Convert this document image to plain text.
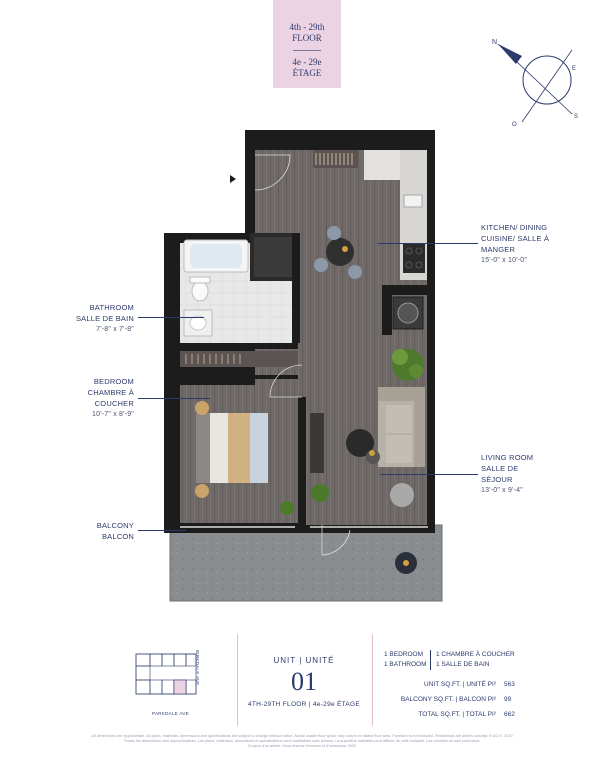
4th - 29th
FLOOR
4e - 29e
ÉTAGE
N
E
S
O
KITCHEN/ DINING
CUISINE/ SALLE À
MANGER
15'-0" x 10'-0"
BATHROOM
SALLE DE BAIN
7'-8" x 7'-8"
BEDROOM
CHAMBRE À
COUCHER
10'-7" x 8'-9"
LIVING ROOM
SALLE DE
SÉJOUR
13'-0" x 9'-4"
BALCONY
BALCON
BIRKDALE AVE
PARKDALE AVE
UNIT | UNITÉ
01
4TH-29TH FLOOR | 4e-29e ÉTAGE
1 BEDROOM
1 BATHROOM
1 CHAMBRE À COUCHER
1 SALLE DE BAIN
UNIT SQ.FT. | UNITÉ PI² 563
BALCONY SQ.FT. | BALCON PI² 99
TOTAL SQ.FT. | TOTAL PI² 662
All dimensions are approximate. All plans, materials, dimensions and specifications are subject to change without notice. Actual usable floor space may vary from stated floor area. Furniture is not included. Renderings are artist's concept. E.&O.E. 2020
Toutes les dimensions sont approximatives. Les plans, matériaux, dimensions et spécifications sont modifiables sans préavis. La superficie habitable peut différer de celle indiquée. Les meubles ne sont pas inclus.
Croquis d'un artiste. Sous réserve d'erreurs et d'omissions. 2020
